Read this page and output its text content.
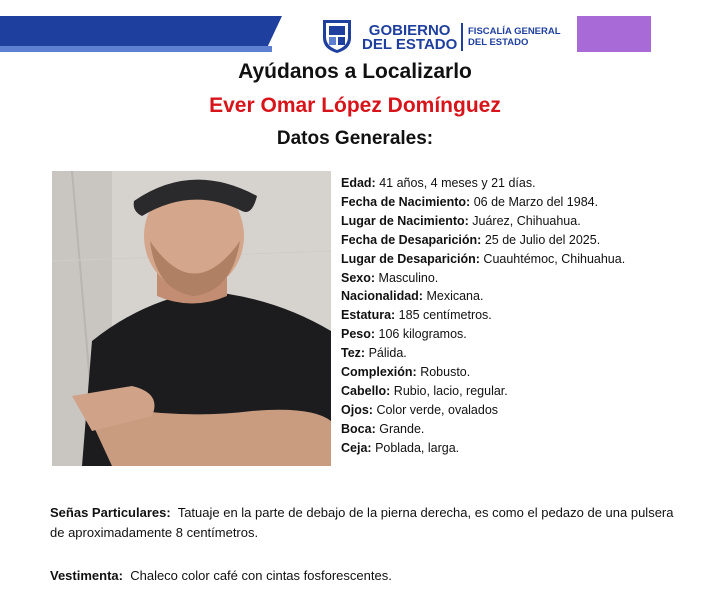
GOBIERNO
DEL ESTADO
FISCALÍA GENERAL
DEL ESTADO
Ayúdanos a Localizarlo
Ever Omar López Domínguez
Datos Generales:
Edad: 41 años, 4 meses y 21 días.
Fecha de Nacimiento: 06 de Marzo del 1984.
Lugar de Nacimiento: Juárez, Chihuahua.
Fecha de Desaparición: 25 de Julio del 2025.
Lugar de Desaparición: Cuauhtémoc, Chihuahua.
Sexo: Masculino.
Nacionalidad: Mexicana.
Estatura: 185 centímetros.
Peso: 106 kilogramos.
Tez: Pálida.
Complexión: Robusto.
Cabello: Rubio, lacio, regular.
Ojos: Color verde, ovalados
Boca: Grande.
Ceja: Poblada, larga.
Señas Particulares: Tatuaje en la parte de debajo de la pierna derecha, es como el pedazo de una pulsera de aproximadamente 8 centímetros.
Vestimenta: Chaleco color café con cintas fosforescentes.
